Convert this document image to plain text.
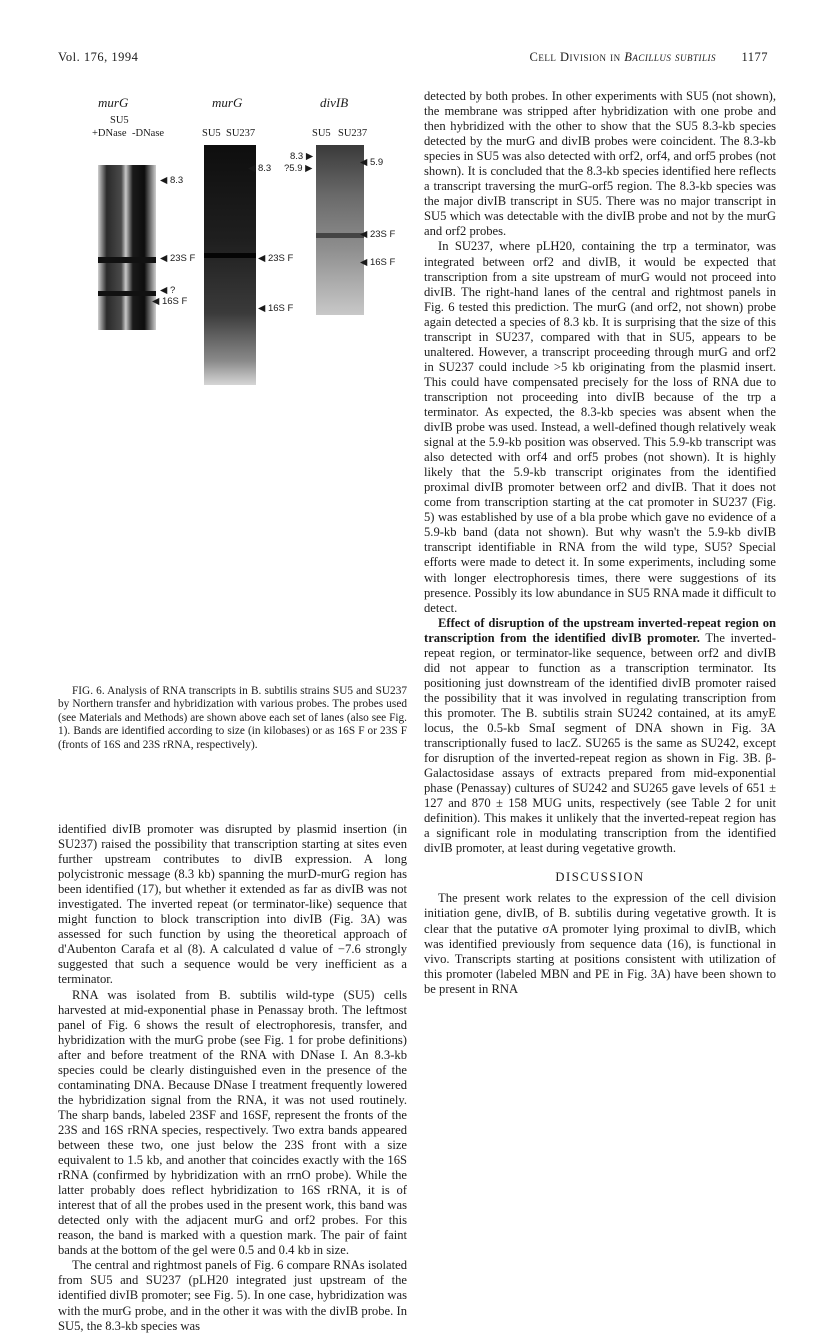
Vol. 176, 1994	Cell Division in Bacillus subtilis 1177
murG
SU5
+DNase -DNase
◀ 8.3
◀ 23S F
◀ ?
◀ 16S F
murG
SU5 SU237
◀ 8.3
◀ 23S F
◀ 16S F
divIB
SU5 SU237
8.3 ▶
?5.9 ▶
◀ 5.9
◀ 23S F
◀ 16S F

FIG. 6. Analysis of RNA transcripts in B. subtilis strains SU5 and SU237 by Northern transfer and hybridization with various probes. The probes used (see Materials and Methods) are shown above each set of lanes (also see Fig. 1). Bands are identified according to size (in kilobases) or as 16S F or 23S F (fronts of 16S and 23S rRNA, respectively).

identified divIB promoter was disrupted by plasmid insertion (in SU237) raised the possibility that transcription starting at sites even further upstream contributes to divIB expression. A long polycistronic message (8.3 kb) spanning the murD-murG region has been identified (17), but whether it extended as far as divIB was not investigated. The inverted repeat (or terminator-like) sequence that might function to block transcription into divIB (Fig. 3A) was assessed for such function by using the theoretical approach of d'Aubenton Carafa et al (8). A calculated d value of −7.6 strongly suggested that such a sequence would be very inefficient as a terminator.

RNA was isolated from B. subtilis wild-type (SU5) cells harvested at mid-exponential phase in Penassay broth. The leftmost panel of Fig. 6 shows the result of electrophoresis, transfer, and hybridization with the murG probe (see Fig. 1 for probe definitions) after and before treatment of the RNA with DNase I. An 8.3-kb species could be clearly distinguished even in the presence of the contaminating DNA. Because DNase I treatment frequently lowered the hybridization signal from the RNA, it was not used routinely. The sharp bands, labeled 23SF and 16SF, represent the fronts of the 23S and 16S rRNA species, respectively. Two extra bands appeared between these two, one just below the 23S front with a size equivalent to 1.5 kb, and another that coincides exactly with the 16S rRNA (confirmed by hybridization with an rrnO probe). While the latter probably does reflect hybridization to 16S rRNA, it is of interest that of all the probes used in the present work, this band was detected only with the adjacent murG and orf2 probes. For this reason, the band is marked with a question mark. The pair of faint bands at the bottom of the gel were 0.5 and 0.4 kb in size.

The central and rightmost panels of Fig. 6 compare RNAs isolated from SU5 and SU237 (pLH20 integrated just upstream of the identified divIB promoter; see Fig. 5). In one case, hybridization was with the murG probe, and in the other it was with the divIB probe. In SU5, the 8.3-kb species was

detected by both probes. In other experiments with SU5 (not shown), the membrane was stripped after hybridization with one probe and then hybridized with the other to show that the SU5 8.3-kb species detected by the murG and divIB probes were coincident. The 8.3-kb species in SU5 was also detected with orf2, orf4, and orf5 probes (not shown). It is concluded that the 8.3-kb species identified here reflects a transcript traversing the murG-orf5 region. The 8.3-kb species was the major divIB transcript in SU5. There was no major transcript in SU5 which was detectable with the divIB probe and not by the murG and orf2 probes.

In SU237, where pLH20, containing the trp a terminator, was integrated between orf2 and divIB, it would be expected that transcription from a site upstream of murG would not proceed into divIB. The right-hand lanes of the central and rightmost panels in Fig. 6 tested this prediction. The murG (and orf2, not shown) probe again detected a species of 8.3 kb. It is surprising that the size of this transcript in SU237, compared with that in SU5, appears to be unaltered. However, a transcript proceeding through murG and orf2 in SU237 could include >5 kb originating from the plasmid insert. This could have compensated precisely for the loss of RNA due to transcription not proceeding into divIB because of the trp a terminator. As expected, the 8.3-kb species was absent when the divIB probe was used. Instead, a well-defined though relatively weak signal at the 5.9-kb position was observed. This 5.9-kb transcript was also detected with orf4 and orf5 probes (not shown). It is highly likely that the 5.9-kb transcript originates from the identified proximal divIB promoter between orf2 and divIB. That it does not come from transcription starting at the cat promoter in SU237 (Fig. 5) was established by use of a bla probe which gave no evidence of a 5.9-kb band (data not shown). But why wasn't the 5.9-kb divIB transcript identifiable in RNA from the wild type, SU5? Special efforts were made to detect it. In some experiments, including some with longer electrophoresis times, there were suggestions of its presence. Possibly its low abundance in SU5 RNA made it difficult to detect.

Effect of disruption of the upstream inverted-repeat region on transcription from the identified divIB promoter. The inverted-repeat region, or terminator-like sequence, between orf2 and divIB did not appear to function as a transcription terminator. Its positioning just downstream of the identified divIB promoter raised the possibility that it was involved in regulating transcription from this promoter. The B. subtilis strain SU242 contained, at its amyE locus, the 0.5-kb SmaI segment of DNA shown in Fig. 3A transcriptionally fused to lacZ. SU265 is the same as SU242, except for disruption of the inverted-repeat region as shown in Fig. 3B. β-Galactosidase assays of extracts prepared from mid-exponential phase (Penassay) cultures of SU242 and SU265 gave levels of 651 ± 127 and 870 ± 158 MUG units, respectively (see Table 2 for unit definition). This makes it unlikely that the inverted-repeat region has a significant role in modulating transcription from the identified divIB promoter, at least during vegetative growth.

DISCUSSION

The present work relates to the expression of the cell division initiation gene, divIB, of B. subtilis during vegetative growth. It is clear that the putative σA promoter lying proximal to divIB, which was identified previously from sequence data (16), is functional in vivo. Transcripts starting at positions consistent with utilization of this promoter (labeled MBN and PE in Fig. 3A) have been shown to be present in RNA
